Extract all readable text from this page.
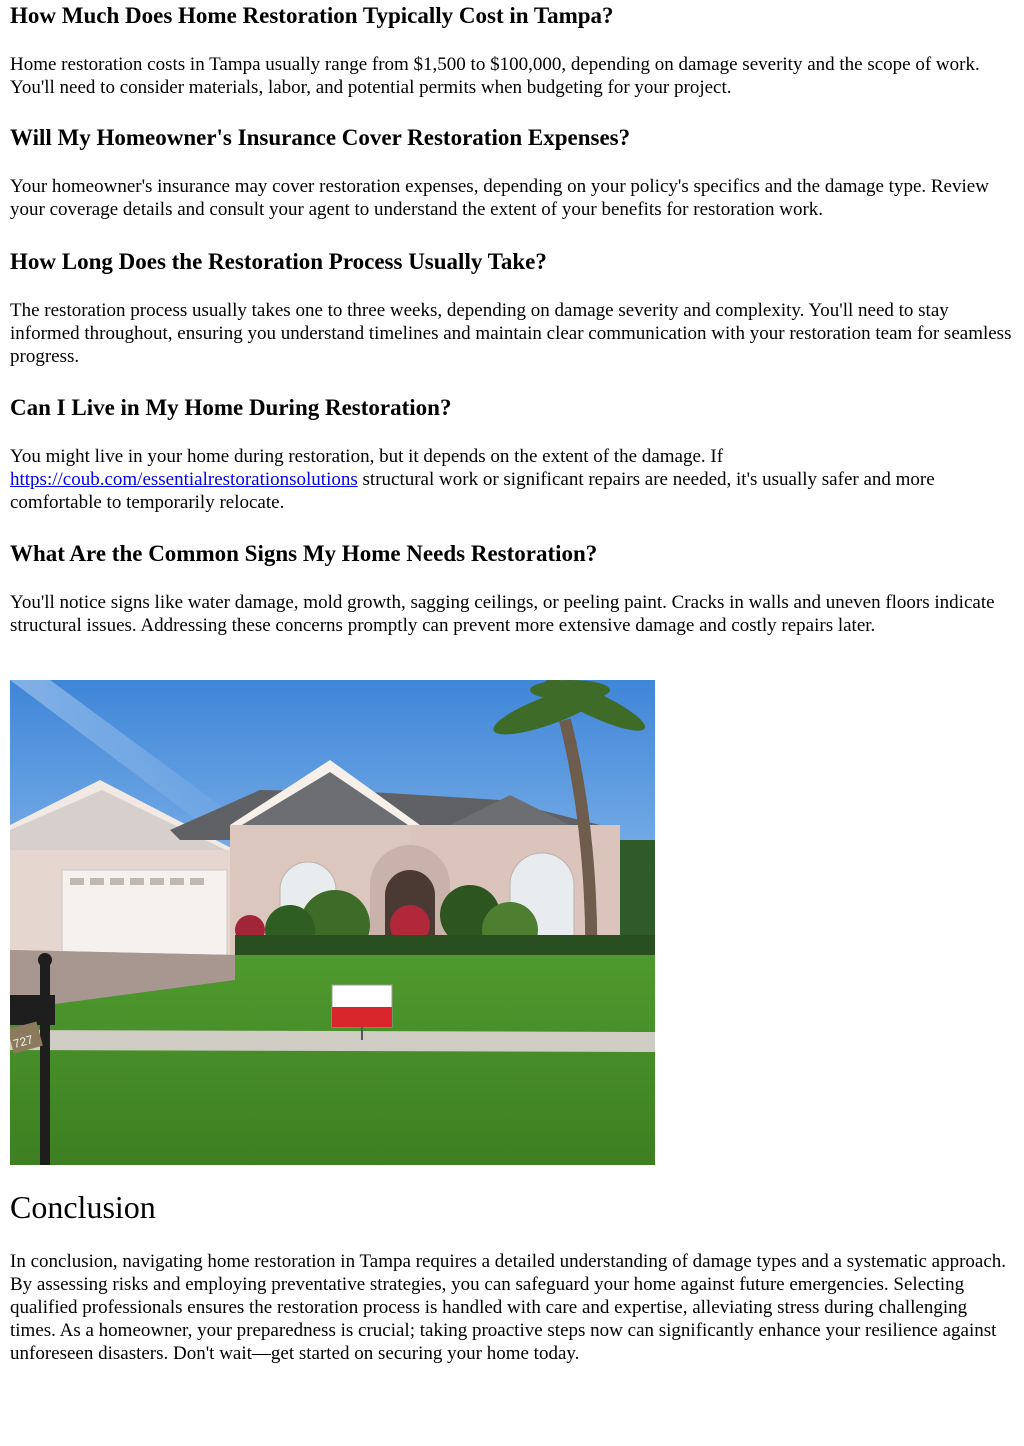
How Much Does Home Restoration Typically Cost in Tampa?

Home restoration costs in Tampa usually range from $1,500 to $100,000, depending on damage severity and the scope of work. You'll need to consider materials, labor, and potential permits when budgeting for your project.

Will My Homeowner's Insurance Cover Restoration Expenses?

Your homeowner's insurance may cover restoration expenses, depending on your policy's specifics and the damage type. Review your coverage details and consult your agent to understand the extent of your benefits for restoration work.

How Long Does the Restoration Process Usually Take?

The restoration process usually takes one to three weeks, depending on damage severity and complexity. You'll need to stay informed throughout, ensuring you understand timelines and maintain clear communication with your restoration team for seamless progress.

Can I Live in My Home During Restoration?

You might live in your home during restoration, but it depends on the extent of the damage. If https://coub.com/essentialrestorationsolutions structural work or significant repairs are needed, it's usually safer and more comfortable to temporarily relocate.

What Are the Common Signs My Home Needs Restoration?

You'll notice signs like water damage, mold growth, sagging ceilings, or peeling paint. Cracks in walls and uneven floors indicate structural issues. Addressing these concerns promptly can prevent more extensive damage and costly repairs later.

727
Conclusion

In conclusion, navigating home restoration in Tampa requires a detailed understanding of damage types and a systematic approach. By assessing risks and employing preventative strategies, you can safeguard your home against future emergencies. Selecting qualified professionals ensures the restoration process is handled with care and expertise, alleviating stress during challenging times. As a homeowner, your preparedness is crucial; taking proactive steps now can significantly enhance your resilience against unforeseen disasters. Don't wait—get started on securing your home today.
